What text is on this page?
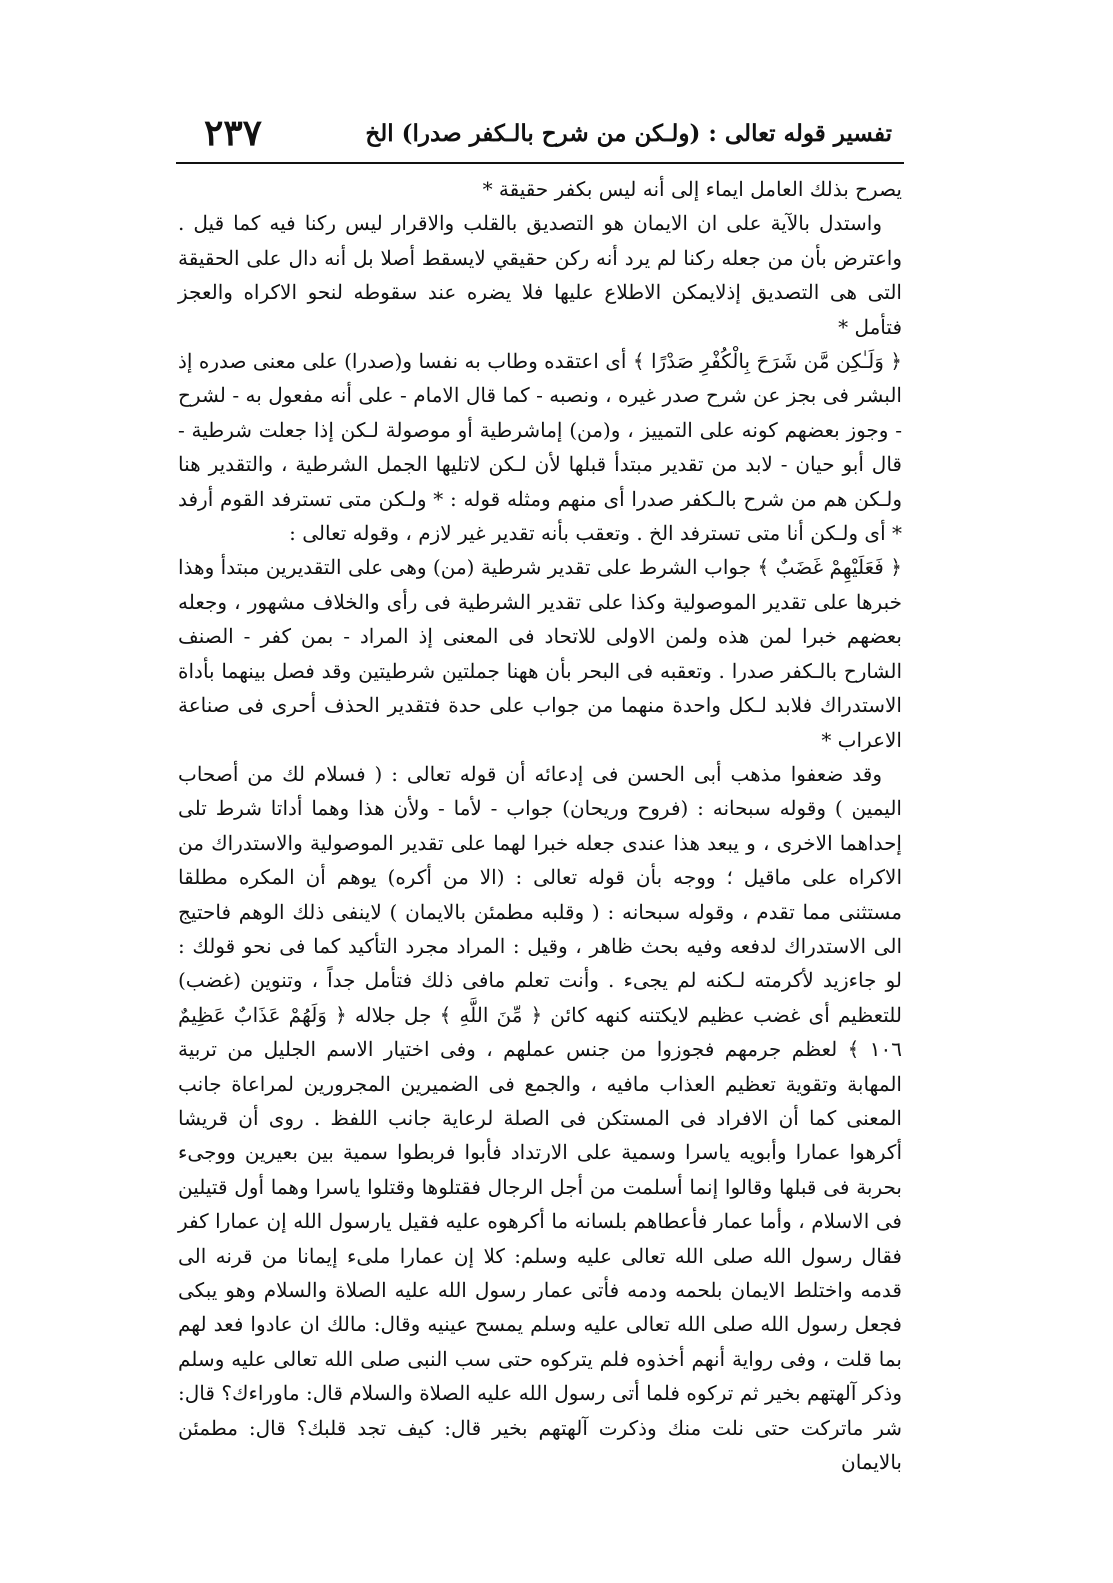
تفسير قوله تعالى : (ولـكن من شرح بالـكفر صدرا) الخ
٢٣٧

يصرح بذلك العامل ايماء إلى أنه ليس بكفر حقيقة *

واستدل بالآية على ان الايمان هو التصديق بالقلب والاقرار ليس ركنا فيه كما قيل . واعترض بأن من جعله ركنا لم يرد أنه ركن حقيقي لايسقط أصلا بل أنه دال على الحقيقة التى هى التصديق إذلايمكن الاطلاع عليها فلا يضره عند سقوطه لنحو الاكراه والعجز فتأمل *

﴿ وَلَـٰكِن مَّن شَرَحَ بِالْكُفْرِ صَدْرًا ﴾ أى اعتقده وطاب به نفسا و(صدرا) على معنى صدره إذ البشر فى بجز عن شرح صدر غيره ، ونصبه - كما قال الامام - على أنه مفعول به - لشرح - وجوز بعضهم كونه على التمييز ، و(من) إماشرطية أو موصولة لـكن إذا جعلت شرطية - قال أبو حيان - لابد من تقدير مبتدأ قبلها لأن لـكن لاتليها الجمل الشرطية ، والتقدير هنا ولـكن هم من شرح بالـكفر صدرا أى منهم ومثله قوله : * ولـكن متى تسترفد القوم أرفد * أى ولـكن أنا متى تسترفد الخ . وتعقب بأنه تقدير غير لازم ، وقوله تعالى :

﴿ فَعَلَيْهِمْ غَضَبٌ ﴾ جواب الشرط على تقدير شرطية (من) وهى على التقديرين مبتدأ وهذا خبرها على تقدير الموصولية وكذا على تقدير الشرطية فى رأى والخلاف مشهور ، وجعله بعضهم خبرا لمن هذه ولمن الاولى للاتحاد فى المعنى إذ المراد - بمن كفر - الصنف الشارح بالـكفر صدرا . وتعقبه فى البحر بأن ههنا جملتين شرطيتين وقد فصل بينهما بأداة الاستدراك فلابد لـكل واحدة منهما من جواب على حدة فتقدير الحذف أحرى فى صناعة الاعراب *

وقد ضعفوا مذهب أبى الحسن فى إدعائه أن قوله تعالى : ( فسلام لك من أصحاب اليمين ) وقوله سبحانه : (فروح وريحان) جواب - لأما - ولأن هذا وهما أداتا شرط تلى إحداهما الاخرى ، و يبعد هذا عندى جعله خبرا لهما على تقدير الموصولية والاستدراك من الاكراه على ماقيل ؛ ووجه بأن قوله تعالى : (الا من أكره) يوهم أن المكره مطلقا مستثنى مما تقدم ، وقوله سبحانه : ( وقلبه مطمئن بالايمان ) لاينفى ذلك الوهم فاحتيج الى الاستدراك لدفعه وفيه بحث ظاهر ، وقيل : المراد مجرد التأكيد كما فى نحو قولك : لو جاءزيد لأكرمته لـكنه لم يجىء . وأنت تعلم مافى ذلك فتأمل جداً ، وتنوين (غضب) للتعظيم أى غضب عظيم لايكتنه كنهه كائن ﴿ مِّنَ اللَّهِ ﴾ جل جلاله ﴿ وَلَهُمْ عَذَابٌ عَظِيمٌ ١٠٦ ﴾ لعظم جرمهم فجوزوا من جنس عملهم ، وفى اختيار الاسم الجليل من تربية المهابة وتقوية تعظيم العذاب مافيه ، والجمع فى الضميرين المجرورين لمراعاة جانب المعنى كما أن الافراد فى المستكن فى الصلة لرعاية جانب اللفظ . روى أن قريشا أكرهوا عمارا وأبويه ياسرا وسمية على الارتداد فأبوا فربطوا سمية بين بعيرين ووجىء بحربة فى قبلها وقالوا إنما أسلمت من أجل الرجال فقتلوها وقتلوا ياسرا وهما أول قتيلين فى الاسلام ، وأما عمار فأعطاهم بلسانه ما أكرهوه عليه فقيل يارسول الله إن عمارا كفر فقال رسول الله صلى الله تعالى عليه وسلم: كلا إن عمارا ملىء إيمانا من قرنه الى قدمه واختلط الايمان بلحمه ودمه فأتى عمار رسول الله عليه الصلاة والسلام وهو يبكى فجعل رسول الله صلى الله تعالى عليه وسلم يمسح عينيه وقال: مالك ان عادوا فعد لهم بما قلت ، وفى رواية أنهم أخذوه فلم يتركوه حتى سب النبى صلى الله تعالى عليه وسلم وذكر آلهتهم بخير ثم تركوه فلما أتى رسول الله عليه الصلاة والسلام قال: ماوراءك؟ قال: شر ماتركت حتى نلت منك وذكرت آلهتهم بخير قال: كيف تجد قلبك؟ قال: مطمئن بالايمان
